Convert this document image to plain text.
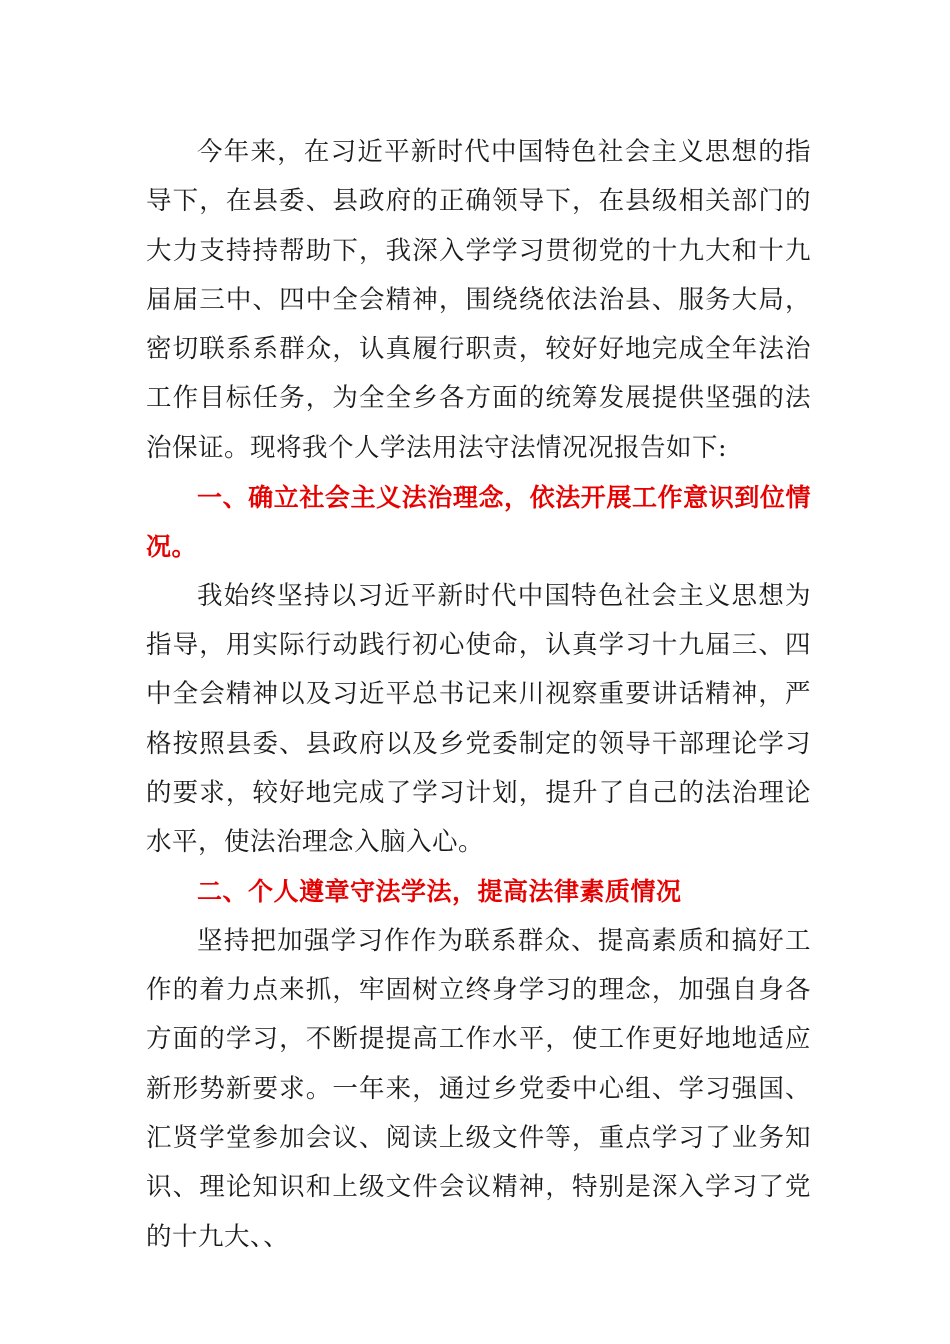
今年来，在习近平新时代中国特色社会主义思想的指导下，在县委、县政府的正确领导下，在县级相关部门的大力支持持帮助下，我深入学学习贯彻党的十九大和十九届届三中、四中全会精神，围绕绕依法治县、服务大局，密切联系系群众，认真履行职责，较好好地完成全年法治工作目标任务，为全全乡各方面的统筹发展提供坚强的法治保证。现将我个人学法用法守法情况况报告如下:

一、确立社会主义法治理念，依法开展工作意识到位情况。

我始终坚持以习近平新时代中国特色社会主义思想为指导，用实际行动践行初心使命，认真学习十九届三、四中全会精神以及习近平总书记来川视察重要讲话精神，严格按照县委、县政府以及乡党委制定的领导干部理论学习的要求，较好地完成了学习计划，提升了自己的法治理论水平，使法治理念入脑入心。

二、个人遵章守法学法，提高法律素质情况

坚持把加强学习作作为联系群众、提高素质和搞好工作的着力点来抓，牢固树立终身学习的理念，加强自身各方面的学习，不断提提高工作水平，使工作更好地地适应新形势新要求。一年来，通过乡党委中心组、学习强国、汇贤学堂参加会议、阅读上级文件等，重点学习了业务知识、理论知识和上级文件会议精神，特别是深入学习了党的十九大、、
